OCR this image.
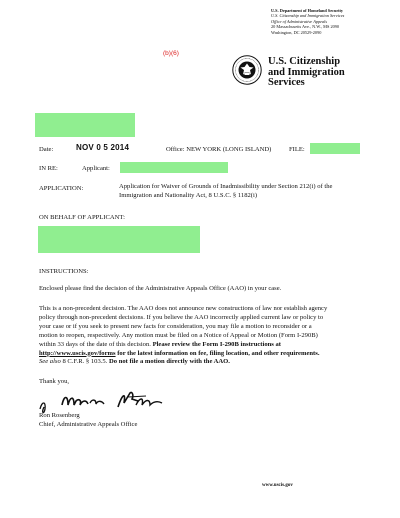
U.S. Department of Homeland Security
U.S. Citizenship and Immigration Services
Office of Administrative Appeals
20 Massachusetts Ave., N.W., MS 2090
Washington, DC 20529-2090
(b)(6)
U.S. Citizenship
and Immigration
Services
Date:	NOV 0 5 2014	Office: NEW YORK (LONG ISLAND)	FILE:
IN RE:	Applicant:
APPLICATION:	Application for Waiver of Grounds of Inadmissibility under Section 212(i) of the
Immigration and Nationality Act, 8 U.S.C. § 1182(i)
ON BEHALF OF APPLICANT:
INSTRUCTIONS:
Enclosed please find the decision of the Administrative Appeals Office (AAO) in your case.
This is a non-precedent decision. The AAO does not announce new constructions of law nor establish agency
policy through non-precedent decisions. If you believe the AAO incorrectly applied current law or policy to
your case or if you seek to present new facts for consideration, you may file a motion to reconsider or a
motion to reopen, respectively. Any motion must be filed on a Notice of Appeal or Motion (Form I-290B)
within 33 days of the date of this decision. Please review the Form I-290B instructions at
http://www.uscis.gov/forms for the latest information on fee, filing location, and other requirements.
See also 8 C.F.R. § 103.5. Do not file a motion directly with the AAO.
Thank you,
Ron Rosenberg
Chief, Administrative Appeals Office
www.uscis.gov
